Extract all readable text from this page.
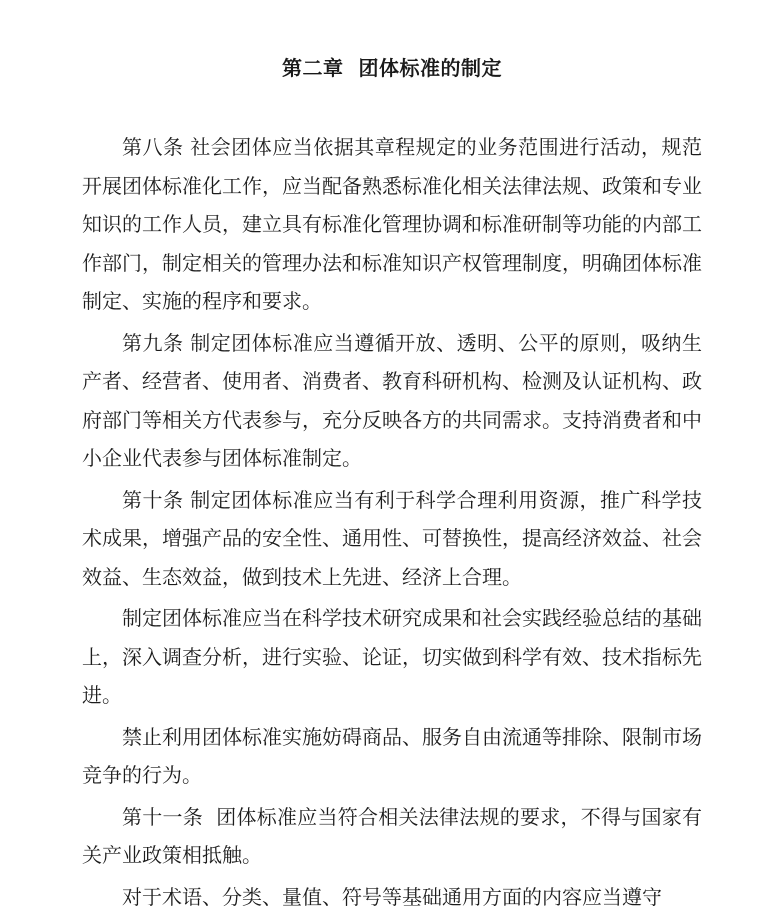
第二章  团体标准的制定

第八条 社会团体应当依据其章程规定的业务范围进行活动，规范开展团体标准化工作，应当配备熟悉标准化相关法律法规、政策和专业知识的工作人员，建立具有标准化管理协调和标准研制等功能的内部工作部门，制定相关的管理办法和标准知识产权管理制度，明确团体标准制定、实施的程序和要求。

第九条 制定团体标准应当遵循开放、透明、公平的原则，吸纳生产者、经营者、使用者、消费者、教育科研机构、检测及认证机构、政府部门等相关方代表参与，充分反映各方的共同需求。支持消费者和中小企业代表参与团体标准制定。

第十条 制定团体标准应当有利于科学合理利用资源，推广科学技术成果，增强产品的安全性、通用性、可替换性，提高经济效益、社会效益、生态效益，做到技术上先进、经济上合理。

制定团体标准应当在科学技术研究成果和社会实践经验总结的基础上，深入调查分析，进行实验、论证，切实做到科学有效、技术指标先进。

禁止利用团体标准实施妨碍商品、服务自由流通等排除、限制市场竞争的行为。

第十一条  团体标准应当符合相关法律法规的要求，不得与国家有关产业政策相抵触。

对于术语、分类、量值、符号等基础通用方面的内容应当遵守
